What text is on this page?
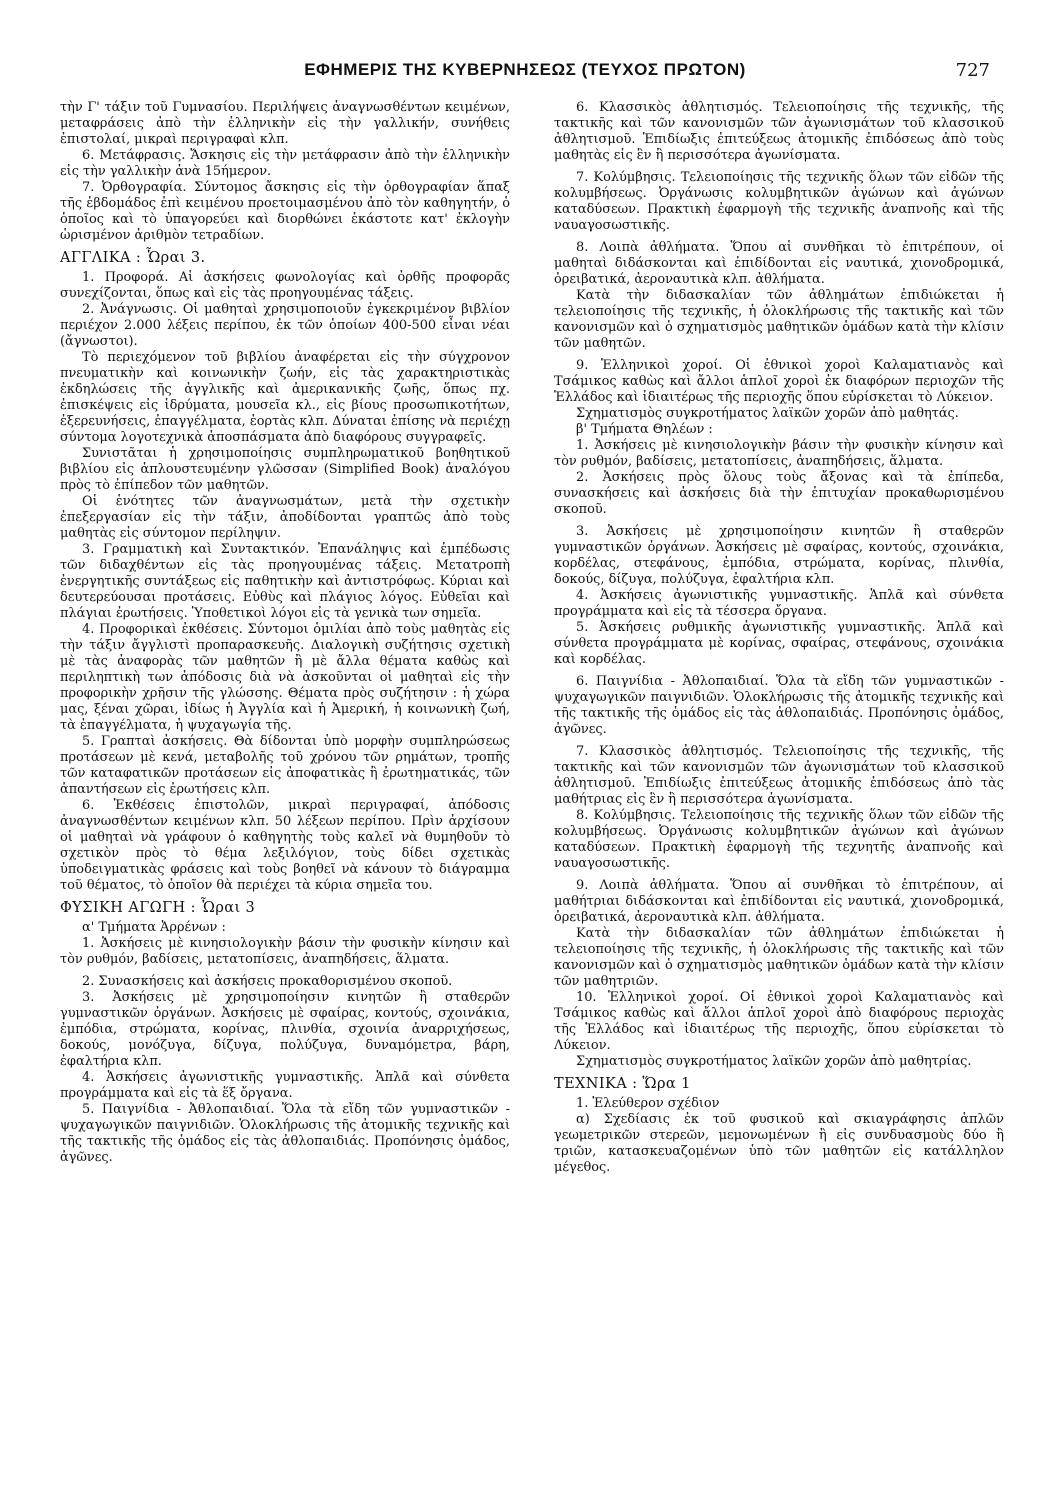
ΕΦΗΜΕΡΙΣ ΤΗΣ ΚΥΒΕΡΝΗΣΕΩΣ (ΤΕΥΧΟΣ ΠΡΩΤΟΝ)	727

τὴν Γ' τάξιν τοῦ Γυμνασίου. Περιλήψεις ἀναγνωσθέντων κειμένων, μεταφράσεις ἀπὸ τὴν ἑλληνικὴν εἰς τὴν γαλλικήν, συνήθεις ἐπιστολαί, μικραὶ περιγραφαὶ κλπ.

6. Μετάφρασις. Ἄσκησις εἰς τὴν μετάφρασιν ἀπὸ τὴν ἑλληνικὴν εἰς τὴν γαλλικὴν ἀνὰ 15ήμερον.

7. Ὀρθογραφία. Σύντομος ἄσκησις εἰς τὴν ὀρθογραφίαν ἅπαξ τῆς ἑβδομάδος ἐπὶ κειμένου προετοιμασμένου ἀπὸ τὸν καθηγητήν, ὁ ὁποῖος καὶ τὸ ὑπαγορεύει καὶ διορθώνει ἑκάστοτε κατ' ἐκλογὴν ὡρισμένον ἀριθμὸν τετραδίων.

ΑΓΓΛΙΚΑ : Ὧραι 3.

1. Προφορά. Αἱ ἀσκήσεις φωνολογίας καὶ ὀρθῆς προφορᾶς συνεχίζονται, ὅπως καὶ εἰς τὰς προηγουμένας τάξεις.

2. Ἀνάγνωσις. Οἱ μαθηταὶ χρησιμοποιοῦν ἐγκεκριμένον βιβλίον περιέχον 2.000 λέξεις περίπου, ἐκ τῶν ὁποίων 400-500 εἶναι νέαι (ἄγνωστοι).

Τὸ περιεχόμενον τοῦ βιβλίου ἀναφέρεται εἰς τὴν σύγχρονον πνευματικὴν καὶ κοινωνικὴν ζωήν, εἰς τὰς χαρακτηριστικὰς ἐκδηλώσεις τῆς ἀγγλικῆς καὶ ἀμερικανικῆς ζωῆς, ὅπως πχ. ἐπισκέψεις εἰς ἱδρύματα, μουσεῖα κλ., εἰς βίους προσωπικοτήτων, ἐξερευνήσεις, ἐπαγγέλματα, ἑορτὰς κλπ. Δύναται ἐπίσης νὰ περιέχῃ σύντομα λογοτεχνικὰ ἀποσπάσματα ἀπὸ διαφόρους συγγραφεῖς.

Συνιστᾶται ἡ χρησιμοποίησις συμπληρωματικοῦ βοηθητικοῦ βιβλίου εἰς ἁπλουστευμένην γλῶσσαν (Simplified Book) ἀναλόγου πρὸς τὸ ἐπίπεδον τῶν μαθητῶν.

Οἱ ἑνότητες τῶν ἀναγνωσμάτων, μετὰ τὴν σχετικὴν ἐπεξεργασίαν εἰς τὴν τάξιν, ἀποδίδονται γραπτῶς ἀπὸ τοὺς μαθητὰς εἰς σύντομον περίληψιν.

3. Γραμματικὴ καὶ Συντακτικόν. Ἐπανάληψις καὶ ἐμπέδωσις τῶν διδαχθέντων εἰς τὰς προηγουμένας τάξεις. Μετατροπὴ ἐνεργητικῆς συντάξεως εἰς παθητικὴν καὶ ἀντιστρόφως. Κύριαι καὶ δευτερεύουσαι προτάσεις. Εὐθὺς καὶ πλάγιος λόγος. Εὐθεῖαι καὶ πλάγιαι ἐρωτήσεις. Ὑποθετικοὶ λόγοι εἰς τὰ γενικὰ των σημεῖα.

4. Προφορικαὶ ἐκθέσεις. Σύντομοι ὁμιλίαι ἀπὸ τοὺς μαθητὰς εἰς τὴν τάξιν ἄγγλιστὶ προπαρασκευῆς. Διαλογικὴ συζήτησις σχετικὴ μὲ τὰς ἀναφορὰς τῶν μαθητῶν ἢ μὲ ἄλλα θέματα καθὼς καὶ περιληπτικὴ των ἀπόδοσις διὰ νὰ ἀσκοῦνται οἱ μαθηταὶ εἰς τὴν προφορικὴν χρῆσιν τῆς γλώσσης. Θέματα πρὸς συζήτησιν : ἡ χώρα μας, ξέναι χῶραι, ἰδίως ἡ Ἀγγλία καὶ ἡ Ἀμερική, ἡ κοινωνικὴ ζωή, τὰ ἐπαγγέλματα, ἡ ψυχαγωγία τῆς.

5. Γραπταὶ ἀσκήσεις. Θὰ δίδονται ὑπὸ μορφὴν συμπληρώσεως προτάσεων μὲ κενά, μεταβολῆς τοῦ χρόνου τῶν ρημάτων, τροπῆς τῶν καταφατικῶν προτάσεων εἰς ἀποφατικὰς ἢ ἐρωτηματικάς, τῶν ἀπαντήσεων εἰς ἐρωτήσεις κλπ.

6. Ἐκθέσεις ἐπιστολῶν, μικραὶ περιγραφαί, ἀπόδοσις ἀναγνωσθέντων κειμένων κλπ. 50 λέξεων περίπου. Πρὶν ἀρχίσουν οἱ μαθηταὶ νὰ γράφουν ὁ καθηγητὴς τοὺς καλεῖ νὰ θυμηθοῦν τὸ σχετικὸν πρὸς τὸ θέμα λεξιλόγιον, τοὺς δίδει σχετικὰς ὑποδειγματικὰς φράσεις καὶ τοὺς βοηθεῖ νὰ κάνουν τὸ διάγραμμα τοῦ θέματος, τὸ ὁποῖον θὰ περιέχει τὰ κύρια σημεῖα του.

ΦΥΣΙΚΗ ΑΓΩΓΗ : Ὧραι 3

α' Τμήματα Ἀρρένων :

1. Ἀσκήσεις μὲ κινησιολογικὴν βάσιν τὴν φυσικὴν κίνησιν καὶ τὸν ρυθμόν, βαδίσεις, μετατοπίσεις, ἀναπηδήσεις, ἅλματα.

2. Συνασκήσεις καὶ ἀσκήσεις προκαθορισμένου σκοποῦ.

3. Ἀσκήσεις μὲ χρησιμοποίησιν κινητῶν ἢ σταθερῶν γυμναστικῶν ὀργάνων. Ἀσκήσεις μὲ σφαίρας, κοντούς, σχοινάκια, ἐμπόδια, στρώματα, κορίνας, πλινθία, σχοινία ἀναρριχήσεως, δοκούς, μονόζυγα, δίζυγα, πολύζυγα, δυναμόμετρα, βάρη, ἐφαλτήρια κλπ.

4. Ἀσκήσεις ἀγωνιστικῆς γυμναστικῆς. Ἁπλᾶ καὶ σύνθετα προγράμματα καὶ εἰς τὰ ἕξ ὄργανα.

5. Παιγνίδια - Ἀθλοπαιδιαί. Ὅλα τὰ εἴδη τῶν γυμναστικῶν - ψυχαγωγικῶν παιγνιδιῶν. Ὁλοκλήρωσις τῆς ἀτομικῆς τεχνικῆς καὶ τῆς τακτικῆς τῆς ὁμάδος εἰς τὰς ἀθλοπαιδιάς. Προπόνησις ὁμάδος, ἀγῶνες.

6. Κλασσικὸς ἀθλητισμός. Τελειοποίησις τῆς τεχνικῆς, τῆς τακτικῆς καὶ τῶν κανονισμῶν τῶν ἀγωνισμάτων τοῦ κλασσικοῦ ἀθλητισμοῦ. Ἐπιδίωξις ἐπιτεύξεως ἀτομικῆς ἐπιδόσεως ἀπὸ τοὺς μαθητὰς εἰς ἓν ἢ περισσότερα ἀγωνίσματα.

7. Κολύμβησις. Τελειοποίησις τῆς τεχνικῆς ὅλων τῶν εἰδῶν τῆς κολυμβήσεως. Ὀργάνωσις κολυμβητικῶν ἀγώνων καὶ ἀγώνων καταδύσεων. Πρακτικὴ ἐφαρμογὴ τῆς τεχνικῆς ἀναπνοῆς καὶ τῆς ναυαγοσωστικῆς.

8. Λοιπὰ ἀθλήματα. Ὅπου αἱ συνθῆκαι τὸ ἐπιτρέπουν, οἱ μαθηταὶ διδάσκονται καὶ ἐπιδίδονται εἰς ναυτικά, χιονοδρομικά, ὀρειβατικά, ἀεροναυτικὰ κλπ. ἀθλήματα.

Κατὰ τὴν διδασκαλίαν τῶν ἀθλημάτων ἐπιδιώκεται ἡ τελειοποίησις τῆς τεχνικῆς, ἡ ὁλοκλήρωσις τῆς τακτικῆς καὶ τῶν κανονισμῶν καὶ ὁ σχηματισμὸς μαθητικῶν ὁμάδων κατὰ τὴν κλίσιν τῶν μαθητῶν.

9. Ἑλληνικοὶ χοροί. Οἱ ἐθνικοὶ χοροὶ Καλαματιανὸς καὶ Τσάμικος καθὼς καὶ ἄλλοι ἁπλοῖ χοροὶ ἐκ διαφόρων περιοχῶν τῆς Ἑλλάδος καὶ ἰδιαιτέρως τῆς περιοχῆς ὅπου εὑρίσκεται τὸ Λύκειον.

Σχηματισμὸς συγκροτήματος λαϊκῶν χορῶν ἀπὸ μαθητάς.

β' Τμήματα Θηλέων :

1. Ἀσκήσεις μὲ κινησιολογικὴν βάσιν τὴν φυσικὴν κίνησιν καὶ τὸν ρυθμόν, βαδίσεις, μετατοπίσεις, ἀναπηδήσεις, ἅλματα.

2. Ἀσκήσεις πρὸς ὅλους τοὺς ἄξονας καὶ τὰ ἐπίπεδα, συνασκήσεις καὶ ἀσκήσεις διὰ τὴν ἐπιτυχίαν προκαθωρισμένου σκοποῦ.

3. Ἀσκήσεις μὲ χρησιμοποίησιν κινητῶν ἢ σταθερῶν γυμναστικῶν ὀργάνων. Ἀσκήσεις μὲ σφαίρας, κοντούς, σχοινάκια, κορδέλας, στεφάνους, ἐμπόδια, στρώματα, κορίνας, πλινθία, δοκούς, δίζυγα, πολύζυγα, ἐφαλτήρια κλπ.

4. Ἀσκήσεις ἀγωνιστικῆς γυμναστικῆς. Ἁπλᾶ καὶ σύνθετα προγράμματα καὶ εἰς τὰ τέσσερα ὄργανα.

5. Ἀσκήσεις ρυθμικῆς ἀγωνιστικῆς γυμναστικῆς. Ἁπλᾶ καὶ σύνθετα προγράμματα μὲ κορίνας, σφαίρας, στεφάνους, σχοινάκια καὶ κορδέλας.

6. Παιγνίδια - Ἀθλοπαιδιαί. Ὅλα τὰ εἴδη τῶν γυμναστικῶν - ψυχαγωγικῶν παιγνιδιῶν. Ὁλοκλήρωσις τῆς ἀτομικῆς τεχνικῆς καὶ τῆς τακτικῆς τῆς ὁμάδος εἰς τὰς ἀθλοπαιδιάς. Προπόνησις ὁμάδος, ἀγῶνες.

7. Κλασσικὸς ἀθλητισμός. Τελειοποίησις τῆς τεχνικῆς, τῆς τακτικῆς καὶ τῶν κανονισμῶν τῶν ἀγωνισμάτων τοῦ κλασσικοῦ ἀθλητισμοῦ. Ἐπιδίωξις ἐπιτεύξεως ἀτομικῆς ἐπιδόσεως ἀπὸ τὰς μαθήτριας εἰς ἓν ἢ περισσότερα ἀγωνίσματα.

8. Κολύμβησις. Τελειοποίησις τῆς τεχνικῆς ὅλων τῶν εἰδῶν τῆς κολυμβήσεως. Ὀργάνωσις κολυμβητικῶν ἀγώνων καὶ ἀγώνων καταδύσεων. Πρακτικὴ ἐφαρμογὴ τῆς τεχνητῆς ἀναπνοῆς καὶ ναυαγοσωστικῆς.

9. Λοιπὰ ἀθλήματα. Ὅπου αἱ συνθῆκαι τὸ ἐπιτρέπουν, αἱ μαθήτριαι διδάσκονται καὶ ἐπιδίδονται εἰς ναυτικά, χιονοδρομικά, ὀρειβατικά, ἀεροναυτικὰ κλπ. ἀθλήματα.

Κατὰ τὴν διδασκαλίαν τῶν ἀθλημάτων ἐπιδιώκεται ἡ τελειοποίησις τῆς τεχνικῆς, ἡ ὁλοκλήρωσις τῆς τακτικῆς καὶ τῶν κανονισμῶν καὶ ὁ σχηματισμὸς μαθητικῶν ὁμάδων κατὰ τὴν κλίσιν τῶν μαθητριῶν.

10. Ἑλληνικοὶ χοροί. Οἱ ἐθνικοὶ χοροὶ Καλαματιανὸς καὶ Τσάμικος καθὼς καὶ ἄλλοι ἁπλοῖ χοροὶ ἀπὸ διαφόρους περιοχὰς τῆς Ἑλλάδος καὶ ἰδιαιτέρως τῆς περιοχῆς, ὅπου εὑρίσκεται τὸ Λύκειον.

Σχηματισμὸς συγκροτήματος λαϊκῶν χορῶν ἀπὸ μαθητρίας.

ΤΕΧΝΙΚΑ : Ὥρα 1

1. Ἐλεύθερον σχέδιον

α) Σχεδίασις ἐκ τοῦ φυσικοῦ καὶ σκιαγράφησις ἁπλῶν γεωμετρικῶν στερεῶν, μεμονωμένων ἢ εἰς συνδυασμοὺς δύο ἢ τριῶν, κατασκευαζομένων ὑπὸ τῶν μαθητῶν εἰς κατάλληλον μέγεθος.
